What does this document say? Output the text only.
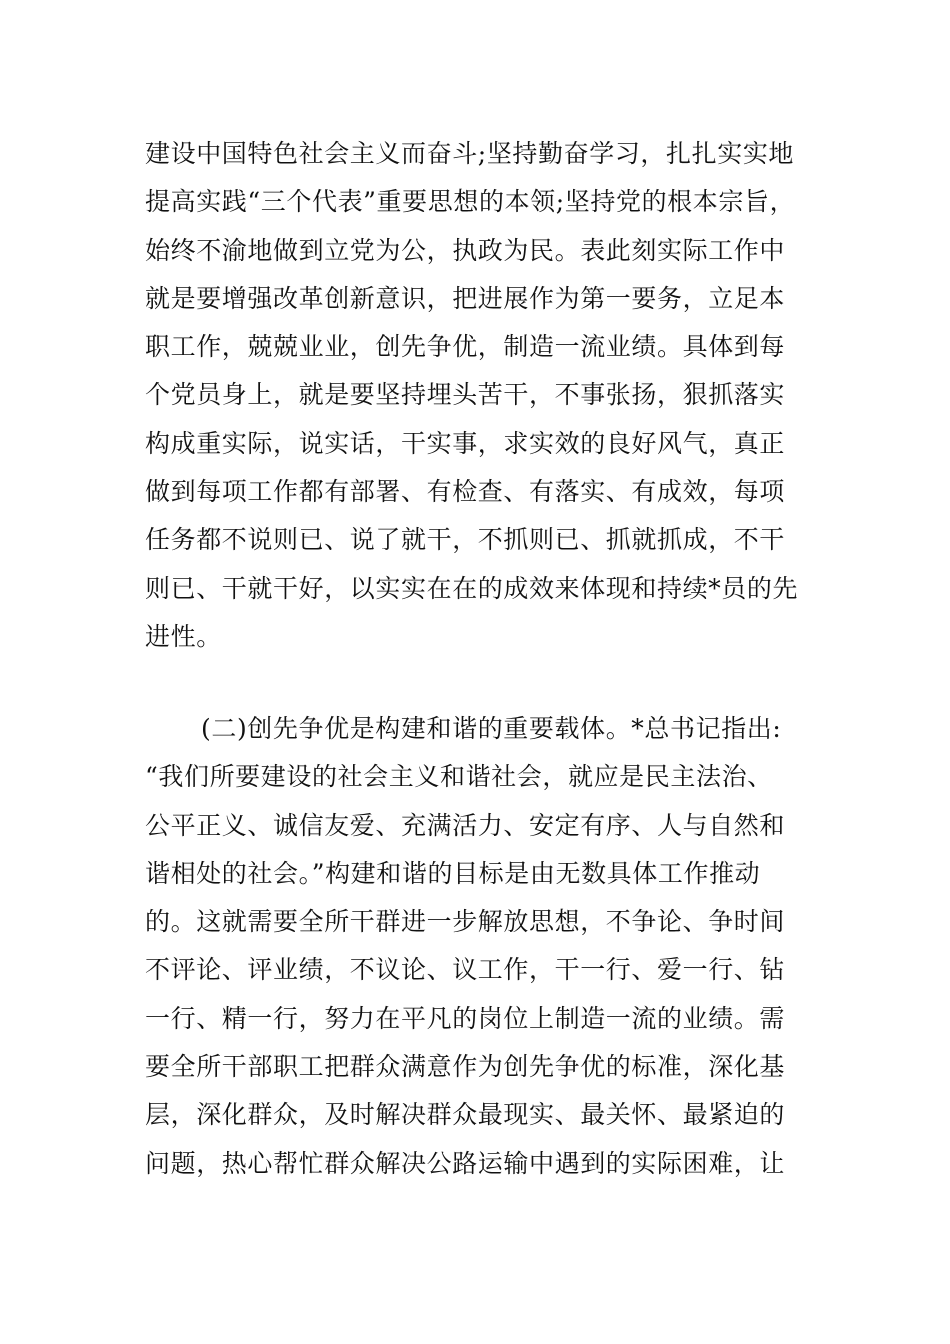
建设中国特色社会主义而奋斗;坚持勤奋学习，扎扎实实地
提高实践“三个代表”重要思想的本领;坚持党的根本宗旨，
始终不渝地做到立党为公，执政为民。表此刻实际工作中
就是要增强改革创新意识，把进展作为第一要务，立足本
职工作，兢兢业业，创先争优，制造一流业绩。具体到每
个党员身上，就是要坚持埋头苦干，不事张扬，狠抓落实
构成重实际，说实话，干实事，求实效的良好风气，真正
做到每项工作都有部署、有检查、有落实、有成效，每项
任务都不说则已、说了就干，不抓则已、抓就抓成，不干
则已、干就干好，以实实在在的成效来体现和持续*员的先
进性。
(二)创先争优是构建和谐的重要载体。*总书记指出:
“我们所要建设的社会主义和谐社会，就应是民主法治、
公平正义、诚信友爱、充满活力、安定有序、人与自然和
谐相处的社会。”构建和谐的目标是由无数具体工作推动
的。这就需要全所干群进一步解放思想，不争论、争时间
不评论、评业绩，不议论、议工作，干一行、爱一行、钻
一行、精一行，努力在平凡的岗位上制造一流的业绩。需
要全所干部职工把群众满意作为创先争优的标准，深化基
层，深化群众，及时解决群众最现实、最关怀、最紧迫的
问题，热心帮忙群众解决公路运输中遇到的实际困难，让
